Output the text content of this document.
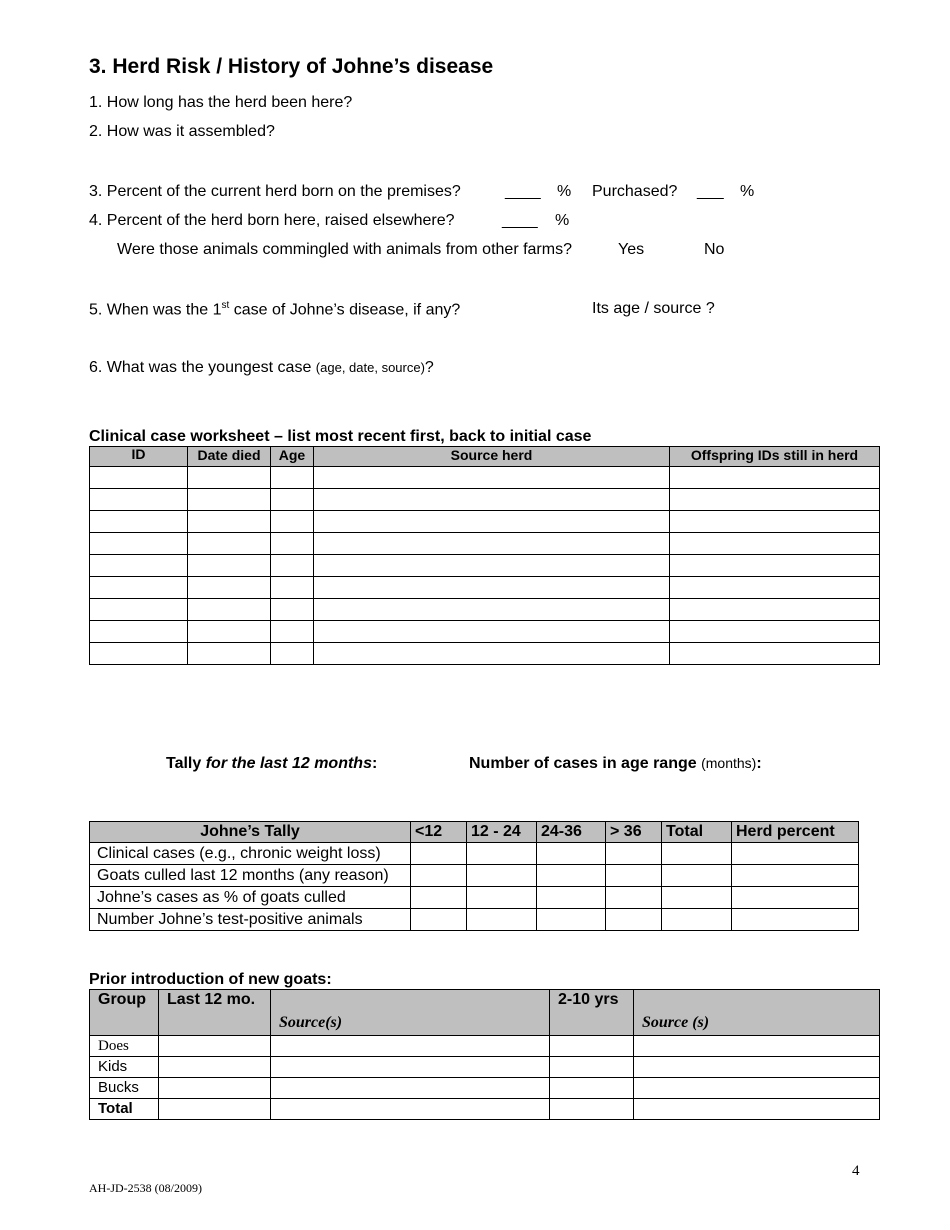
3. Herd Risk / History of Johne’s disease
1. How long has the herd been here?
2. How was it assembled?
3. Percent of the current herd born on the premises?	____ % Purchased? ___ %
4. Percent of the herd born here, raised elsewhere?	____ %
Were those animals commingled with animals from other farms?	Yes	No
5. When was the 1st case of Johne’s disease, if any?	Its age / source ?
6. What was the youngest case (age, date, source)?
Clinical case worksheet – list most recent first, back to initial case
ID	Date died	Age	Source herd	Offspring IDs still in herd

Tally for the last 12 months:	Number of cases in age range (months):
Johne’s Tally	<12	12 - 24	24-36	> 36	Total	Herd percent
Clinical cases (e.g., chronic weight loss)						
Goats culled last 12 months (any reason)						
Johne’s cases as % of goats culled						
Number Johne’s test-positive animals						
Prior introduction of new goats:
Group	Last 12 mo.	Source(s)	2-10 yrs	Source (s)
Does				
Kids				
Bucks				
Total				
4
AH-JD-2538 (08/2009)
